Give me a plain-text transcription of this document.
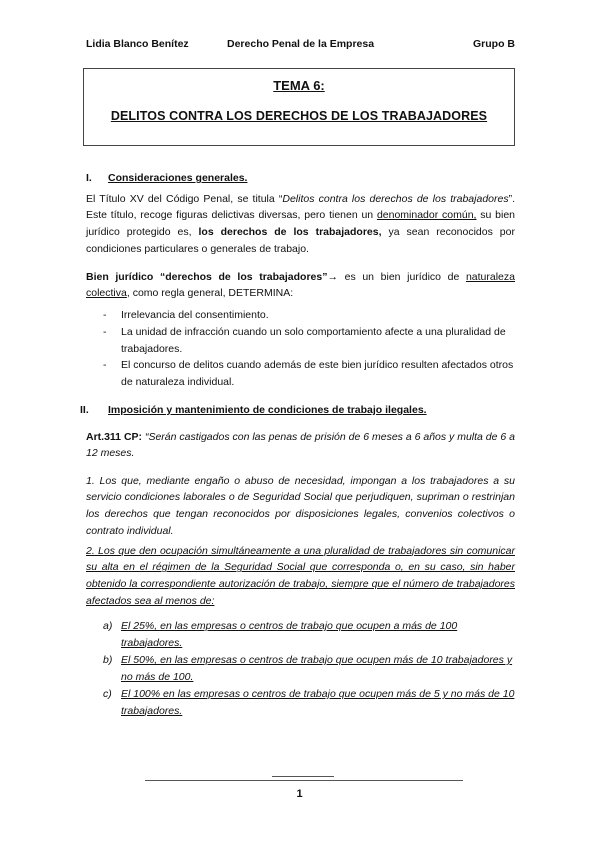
Lidia Blanco Benítez	Derecho Penal de la Empresa	Grupo B
TEMA 6:
DELITOS CONTRA LOS DERECHOS DE LOS TRABAJADORES
I. Consideraciones generales.

El Título XV del Código Penal, se titula “Delitos contra los derechos de los trabajadores”. Este título, recoge figuras delictivas diversas, pero tienen un denominador común, su bien jurídico protegido es, los derechos de los trabajadores, ya sean reconocidos por condiciones particulares o generales de trabajo.

Bien jurídico “derechos de los trabajadores”→ es un bien jurídico de naturaleza colectiva, como regla general, DETERMINA:

- Irrelevancia del consentimiento.
- La unidad de infracción cuando un solo comportamiento afecte a una pluralidad de trabajadores.
- El concurso de delitos cuando además de este bien jurídico resulten afectados otros de naturaleza individual.
II. Imposición y mantenimiento de condiciones de trabajo ilegales.

Art.311 CP: “Serán castigados con las penas de prisión de 6 meses a 6 años y multa de 6 a 12 meses.

1. Los que, mediante engaño o abuso de necesidad, impongan a los trabajadores a su servicio condiciones laborales o de Seguridad Social que perjudiquen, supriman o restrinjan los derechos que tengan reconocidos por disposiciones legales, convenios colectivos o contrato individual.

2. Los que den ocupación simultáneamente a una pluralidad de trabajadores sin comunicar su alta en el régimen de la Seguridad Social que corresponda o, en su caso, sin haber obtenido la correspondiente autorización de trabajo, siempre que el número de trabajadores afectados sea al menos de:

a) El 25%, en las empresas o centros de trabajo que ocupen a más de 100 trabajadores.
b) El 50%, en las empresas o centros de trabajo que ocupen más de 10 trabajadores y no más de 100.
c) El 100% en las empresas o centros de trabajo que ocupen más de 5 y no más de 10 trabajadores.
1
